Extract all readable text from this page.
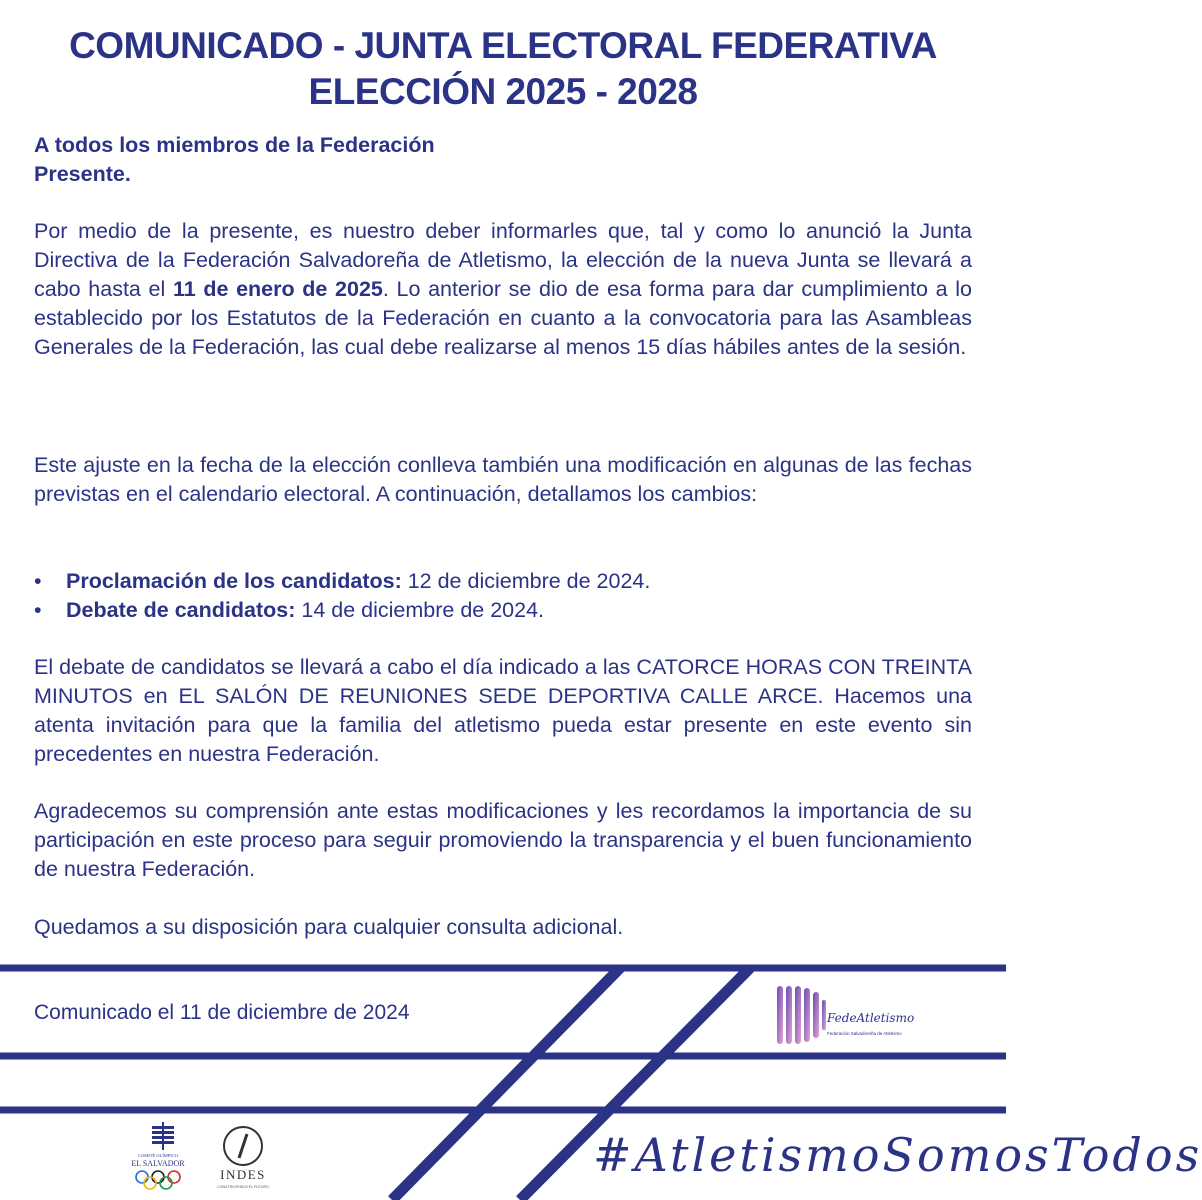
COMUNICADO - JUNTA ELECTORAL FEDERATIVA
ELECCIÓN 2025 - 2028
A todos los miembros de la Federación
Presente.

Por medio de la presente, es nuestro deber informarles que, tal y como lo anunció la Junta Directiva de la Federación Salvadoreña de Atletismo, la elección de la nueva Junta se llevará a cabo hasta el 11 de enero de 2025. Lo anterior se dio de esa forma para dar cumplimiento a lo establecido por los Estatutos de la Federación en cuanto a la convocatoria para las Asambleas Generales de la Federación, las cual debe realizarse al menos 15 días hábiles antes de la sesión.

Este ajuste en la fecha de la elección conlleva también una modificación en algunas de las fechas previstas en el calendario electoral. A continuación, detallamos los cambios:

• Proclamación de los candidatos: 12 de diciembre de 2024.
• Debate de candidatos: 14 de diciembre de 2024.

El debate de candidatos se llevará a cabo el día indicado a las CATORCE HORAS CON TREINTA MINUTOS en EL SALÓN DE REUNIONES SEDE DEPORTIVA CALLE ARCE. Hacemos una atenta invitación para que la familia del atletismo pueda estar presente en este evento sin precedentes en nuestra Federación.

Agradecemos su comprensión ante estas modificaciones y les recordamos la importancia de su participación en este proceso para seguir promoviendo la transparencia y el buen funcionamiento de nuestra Federación.

Quedamos a su disposición para cualquier consulta adicional.

Comunicado el 11 de diciembre de 2024	FedeAtletismo
Federación Salvadoreña de Atletismo
COMITÉ OLÍMPICO
EL SALVADOR
INDES
CONSTRUYENDO EL FUTURO
#AtletismoSomosTodos
